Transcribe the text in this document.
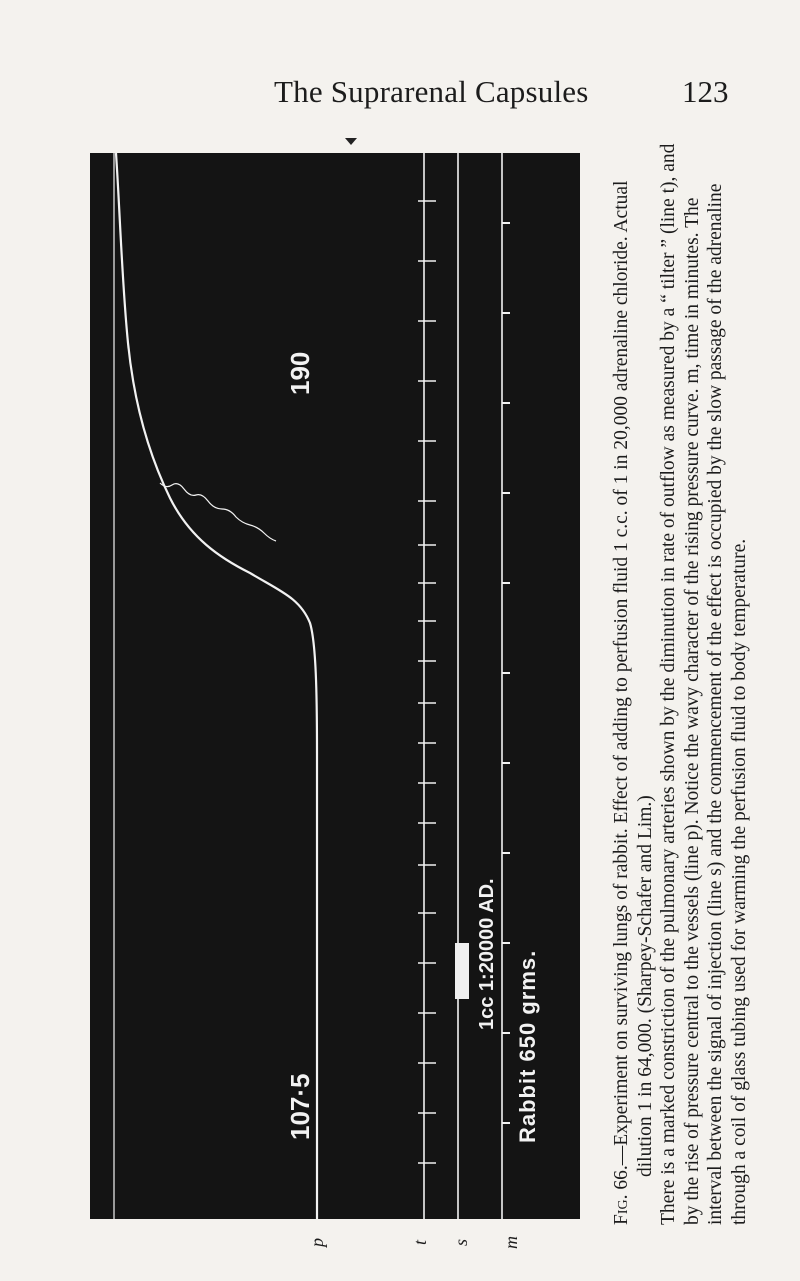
The Suprarenal Capsules	123
190
107·5
1cc 1:20000 AD. Rabbit 650 grms.
p	t s m

Fig. 66.—Experiment on surviving lungs of rabbit. Effect of adding to perfusion fluid 1 c.c. of 1 in 20,000 adrenaline chloride. Actual dilution 1 in 64,000. (Sharpey-Schafer and Lim.) There is a marked constriction of the pulmonary arteries shown by the diminution in rate of outflow as measured by a “ tilter ” (line t), and by the rise of pressure central to the vessels (line p). Notice the wavy character of the rising pressure curve. m, time in minutes. The interval between the signal of injection (line s) and the commencement of the effect is occupied by the slow passage of the adrenaline through a coil of glass tubing used for warming the perfusion fluid to body temperature.
